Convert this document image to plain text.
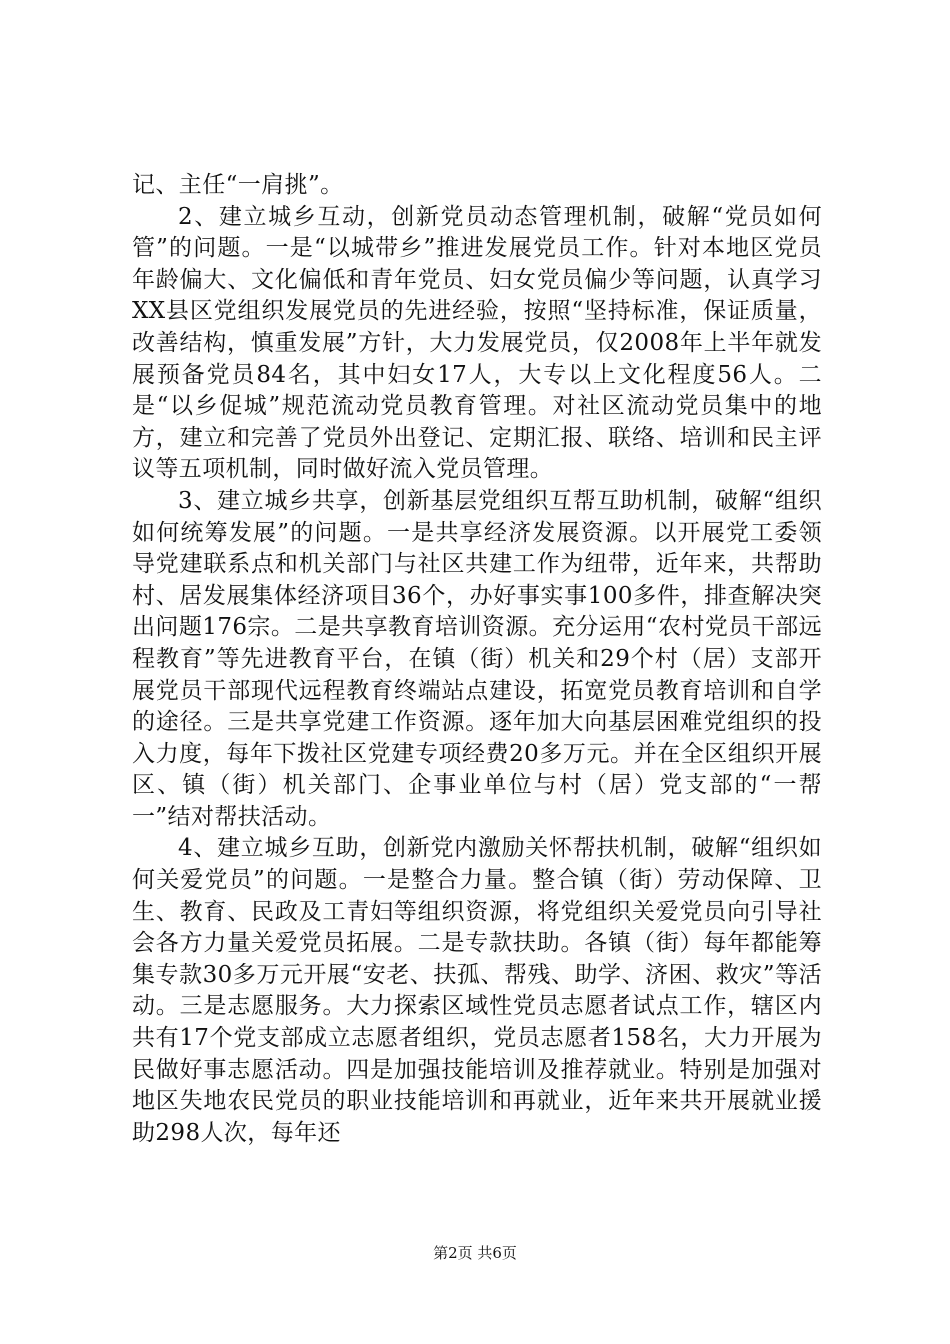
记、主任“一肩挑”。

2、建立城乡互动，创新党员动态管理机制，破解“党员如何管”的问题。一是“以城带乡”推进发展党员工作。针对本地区党员年龄偏大、文化偏低和青年党员、妇女党员偏少等问题，认真学习XX县区党组织发展党员的先进经验，按照“坚持标准，保证质量，改善结构，慎重发展”方针，大力发展党员，仅2008年上半年就发展预备党员84名，其中妇女17人，大专以上文化程度56人。二是“以乡促城”规范流动党员教育管理。对社区流动党员集中的地方，建立和完善了党员外出登记、定期汇报、联络、培训和民主评议等五项机制，同时做好流入党员管理。

3、建立城乡共享，创新基层党组织互帮互助机制，破解“组织如何统筹发展”的问题。一是共享经济发展资源。以开展党工委领导党建联系点和机关部门与社区共建工作为纽带，近年来，共帮助村、居发展集体经济项目36个，办好事实事100多件，排查解决突出问题176宗。二是共享教育培训资源。充分运用“农村党员干部远程教育”等先进教育平台，在镇（街）机关和29个村（居）支部开展党员干部现代远程教育终端站点建设，拓宽党员教育培训和自学的途径。三是共享党建工作资源。逐年加大向基层困难党组织的投入力度，每年下拨社区党建专项经费20多万元。并在全区组织开展区、镇（街）机关部门、企事业单位与村（居）党支部的“一帮一”结对帮扶活动。

4、建立城乡互助，创新党内激励关怀帮扶机制，破解“组织如何关爱党员”的问题。一是整合力量。整合镇（街）劳动保障、卫生、教育、民政及工青妇等组织资源，将党组织关爱党员向引导社会各方力量关爱党员拓展。二是专款扶助。各镇（街）每年都能筹集专款30多万元开展“安老、扶孤、帮残、助学、济困、救灾”等活动。三是志愿服务。大力探索区域性党员志愿者试点工作，辖区内共有17个党支部成立志愿者组织，党员志愿者158名，大力开展为民做好事志愿活动。四是加强技能培训及推荐就业。特别是加强对地区失地农民党员的职业技能培训和再就业，近年来共开展就业援助298人次，每年还

第2页 共6页
